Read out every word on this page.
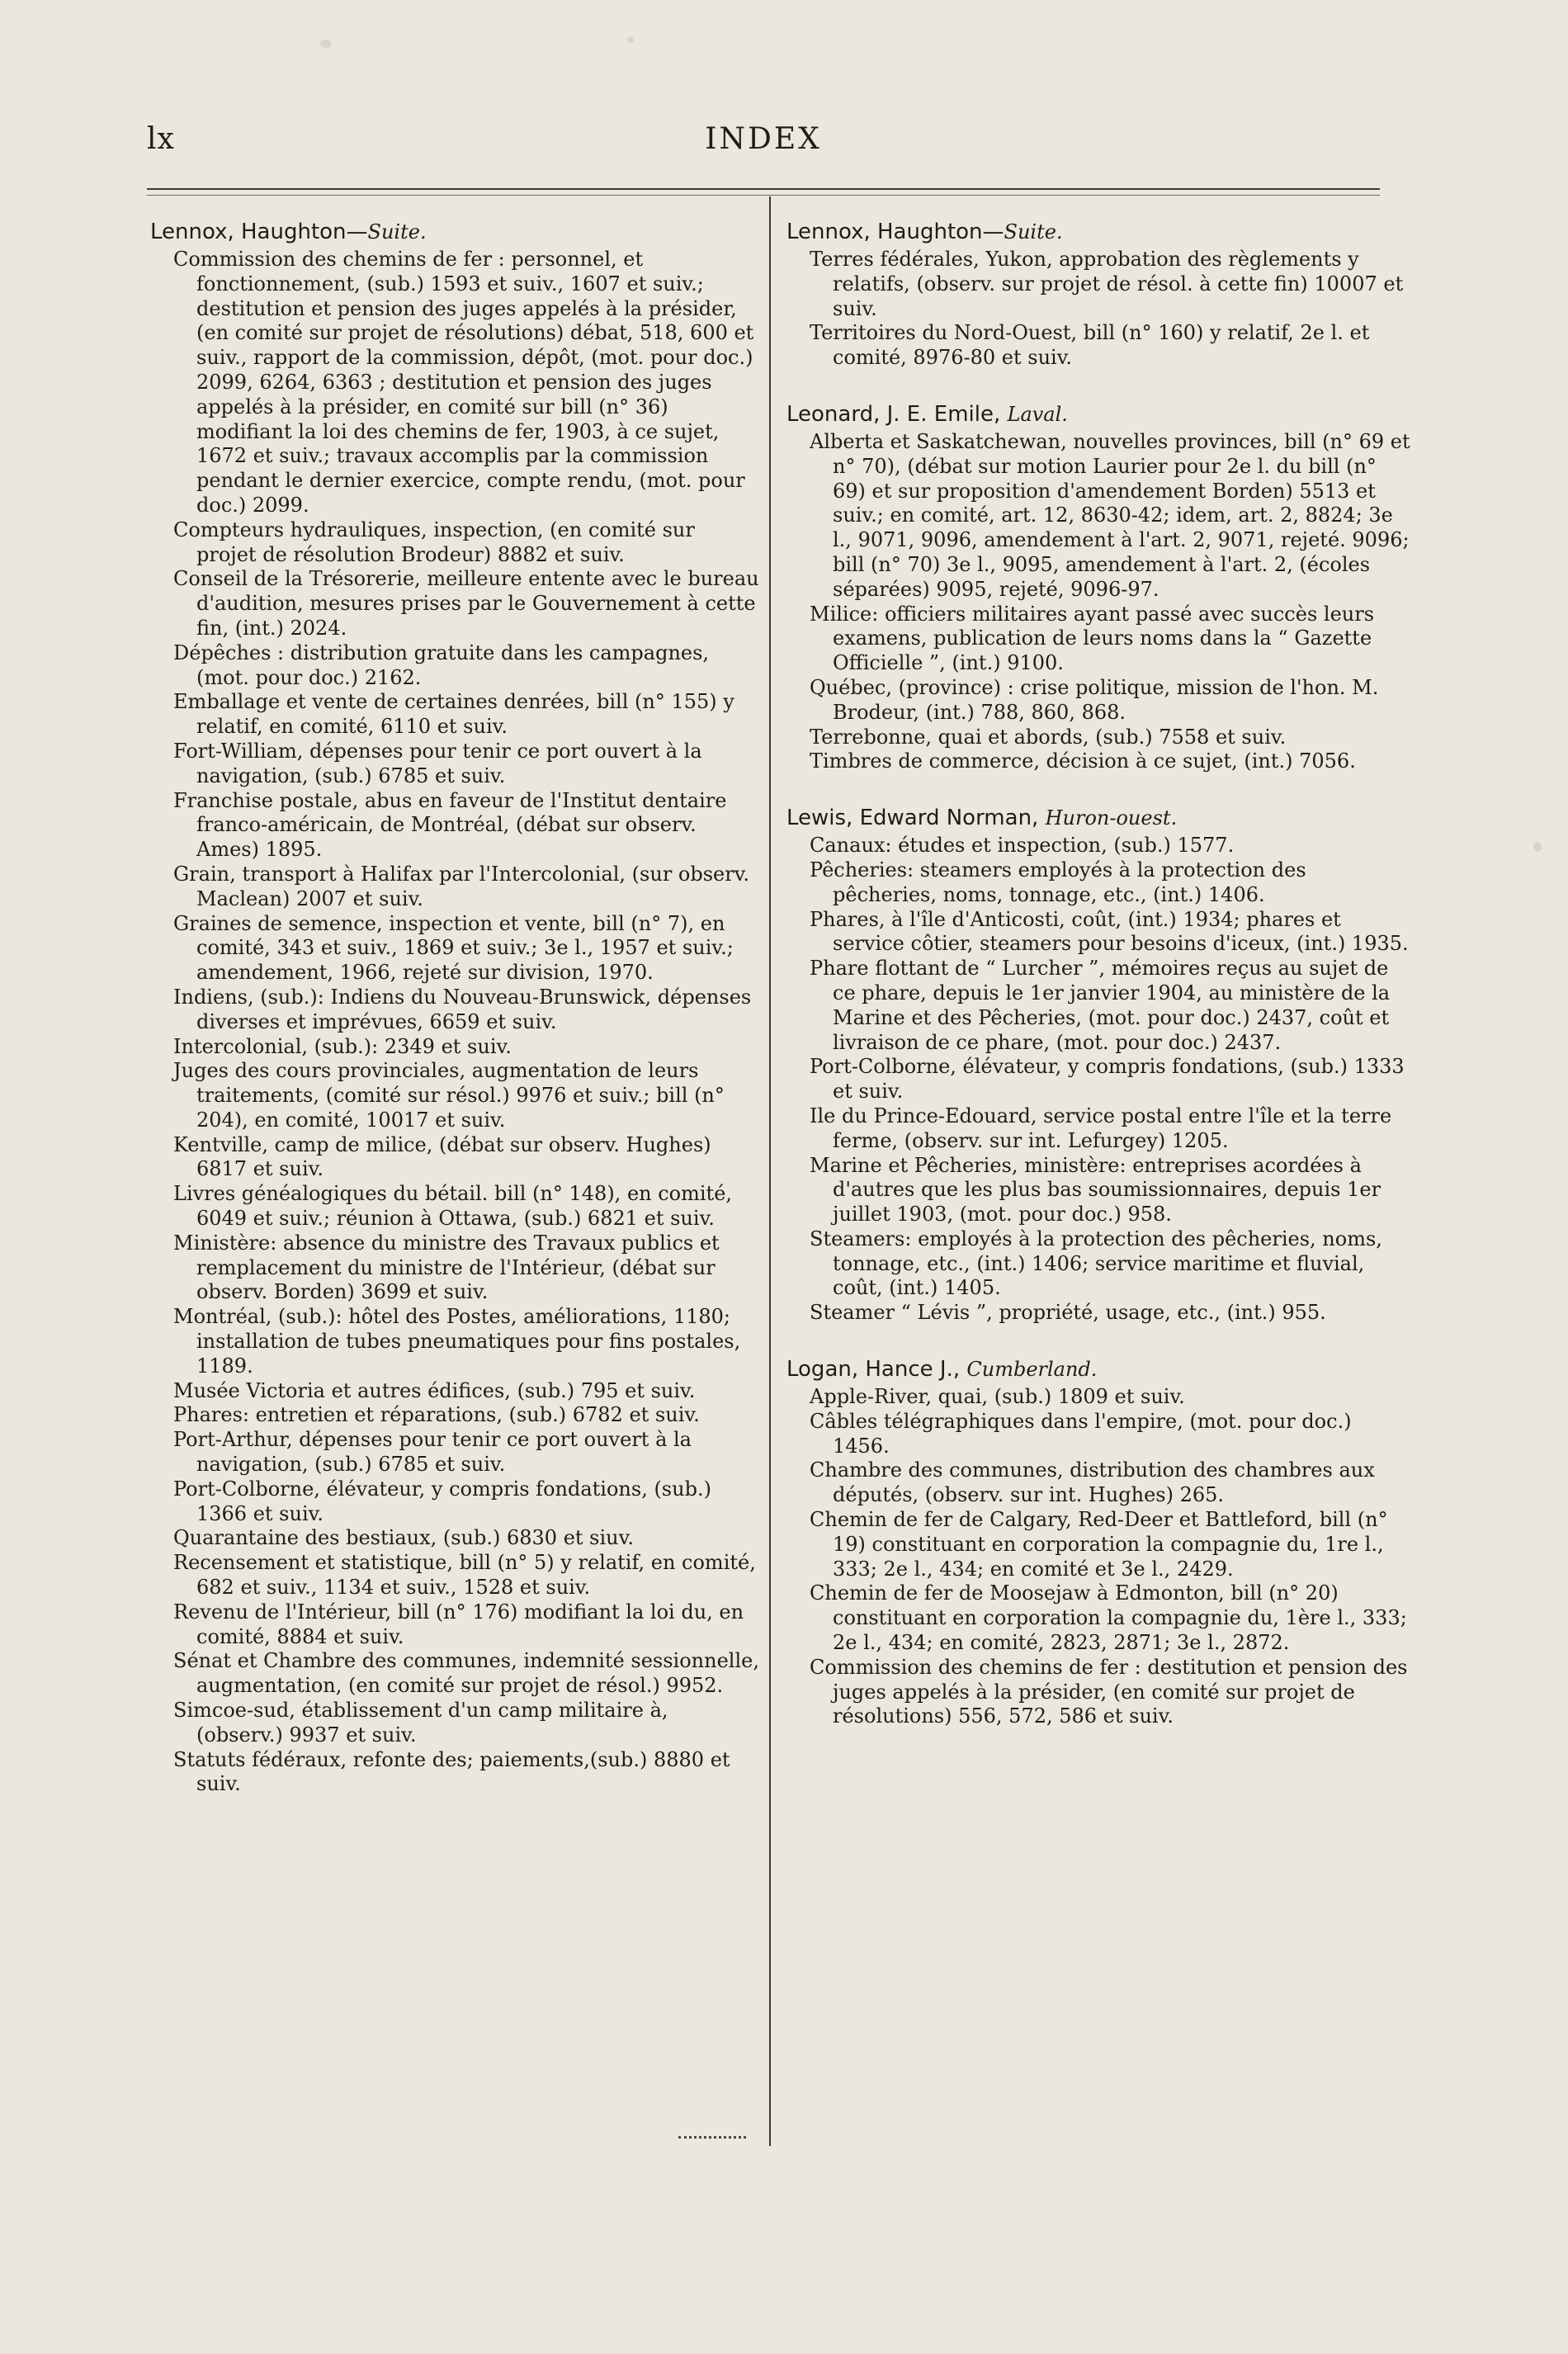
lx	INDEX
Lennox, Haughton—Suite.

Commission des chemins de fer : personnel, et fonctionnement, (sub.) 1593 et suiv., 1607 et suiv.; destitution et pension des juges appelés à la présider, (en comité sur projet de résolutions) débat, 518, 600 et suiv., rapport de la commission, dépôt, (mot. pour doc.) 2099, 6264, 6363 ; destitution et pension des juges appelés à la présider, en comité sur bill (n° 36) modifiant la loi des chemins de fer, 1903, à ce sujet, 1672 et suiv.; travaux accomplis par la commission pendant le dernier exercice, compte rendu, (mot. pour doc.) 2099.

Compteurs hydrauliques, inspection, (en comité sur projet de résolution Brodeur) 8882 et suiv.

Conseil de la Trésorerie, meilleure entente avec le bureau d'audition, mesures prises par le Gouvernement à cette fin, (int.) 2024.

Dépêches : distribution gratuite dans les campagnes, (mot. pour doc.) 2162.

Emballage et vente de certaines denrées, bill (n° 155) y relatif, en comité, 6110 et suiv.

Fort-William, dépenses pour tenir ce port ouvert à la navigation, (sub.) 6785 et suiv.

Franchise postale, abus en faveur de l'Institut dentaire franco-américain, de Montréal, (débat sur observ. Ames) 1895.

Grain, transport à Halifax par l'Intercolonial, (sur observ. Maclean) 2007 et suiv.

Graines de semence, inspection et vente, bill (n° 7), en comité, 343 et suiv., 1869 et suiv.; 3e l., 1957 et suiv.; amendement, 1966, rejeté sur division, 1970.

Indiens, (sub.): Indiens du Nouveau-Brunswick, dépenses diverses et imprévues, 6659 et suiv.

Intercolonial, (sub.): 2349 et suiv.

Juges des cours provinciales, augmentation de leurs traitements, (comité sur résol.) 9976 et suiv.; bill (n° 204), en comité, 10017 et suiv.

Kentville, camp de milice, (débat sur observ. Hughes) 6817 et suiv.

Livres généalogiques du bétail. bill (n° 148), en comité, 6049 et suiv.; réunion à Ottawa, (sub.) 6821 et suiv.

Ministère: absence du ministre des Travaux publics et remplacement du ministre de l'Intérieur, (débat sur observ. Borden) 3699 et suiv.

Montréal, (sub.): hôtel des Postes, améliorations, 1180; installation de tubes pneumatiques pour fins postales, 1189.

Musée Victoria et autres édifices, (sub.) 795 et suiv.

Phares: entretien et réparations, (sub.) 6782 et suiv.

Port-Arthur, dépenses pour tenir ce port ouvert à la navigation, (sub.) 6785 et suiv.

Port-Colborne, élévateur, y compris fondations, (sub.) 1366 et suiv.

Quarantaine des bestiaux, (sub.) 6830 et siuv.

Recensement et statistique, bill (n° 5) y relatif, en comité, 682 et suiv., 1134 et suiv., 1528 et suiv.

Revenu de l'Intérieur, bill (n° 176) modifiant la loi du, en comité, 8884 et suiv.

Sénat et Chambre des communes, indemnité sessionnelle, augmentation, (en comité sur projet de résol.) 9952.

Simcoe-sud, établissement d'un camp militaire à, (observ.) 9937 et suiv.

Statuts fédéraux, refonte des; paiements,(sub.) 8880 et suiv.

Lennox, Haughton—Suite.

Terres fédérales, Yukon, approbation des règlements y relatifs, (observ. sur projet de résol. à cette fin) 10007 et suiv.

Territoires du Nord-Ouest, bill (n° 160) y relatif, 2e l. et comité, 8976-80 et suiv.

Leonard, J. E. Emile, Laval.

Alberta et Saskatchewan, nouvelles provinces, bill (n° 69 et n° 70), (débat sur motion Laurier pour 2e l. du bill (n° 69) et sur proposition d'amendement Borden) 5513 et suiv.; en comité, art. 12, 8630-42; idem, art. 2, 8824; 3e l., 9071, 9096, amendement à l'art. 2, 9071, rejeté. 9096; bill (n° 70) 3e l., 9095, amendement à l'art. 2, (écoles séparées) 9095, rejeté, 9096-97.

Milice: officiers militaires ayant passé avec succès leurs examens, publication de leurs noms dans la “ Gazette Officielle ”, (int.) 9100.

Québec, (province) : crise politique, mission de l'hon. M. Brodeur, (int.) 788, 860, 868.

Terrebonne, quai et abords, (sub.) 7558 et suiv.

Timbres de commerce, décision à ce sujet, (int.) 7056.

Lewis, Edward Norman, Huron-ouest.

Canaux: études et inspection, (sub.) 1577.

Pêcheries: steamers employés à la protection des pêcheries, noms, tonnage, etc., (int.) 1406.

Phares, à l'île d'Anticosti, coût, (int.) 1934; phares et service côtier, steamers pour besoins d'iceux, (int.) 1935.

Phare flottant de “ Lurcher ”, mémoires reçus au sujet de ce phare, depuis le 1er janvier 1904, au ministère de la Marine et des Pêcheries, (mot. pour doc.) 2437, coût et livraison de ce phare, (mot. pour doc.) 2437.

Port-Colborne, élévateur, y compris fondations, (sub.) 1333 et suiv.

Ile du Prince-Edouard, service postal entre l'île et la terre ferme, (observ. sur int. Lefurgey) 1205.

Marine et Pêcheries, ministère: entreprises acordées à d'autres que les plus bas soumissionnaires, depuis 1er juillet 1903, (mot. pour doc.) 958.

Steamers: employés à la protection des pêcheries, noms, tonnage, etc., (int.) 1406; service maritime et fluvial, coût, (int.) 1405.

Steamer “ Lévis ”, propriété, usage, etc., (int.) 955.

Logan, Hance J., Cumberland.

Apple-River, quai, (sub.) 1809 et suiv.

Câbles télégraphiques dans l'empire, (mot. pour doc.) 1456.

Chambre des communes, distribution des chambres aux députés, (observ. sur int. Hughes) 265.

Chemin de fer de Calgary, Red-Deer et Battleford, bill (n° 19) constituant en corporation la compagnie du, 1re l., 333; 2e l., 434; en comité et 3e l., 2429.

Chemin de fer de Moosejaw à Edmonton, bill (n° 20) constituant en corporation la compagnie du, 1ère l., 333; 2e l., 434; en comité, 2823, 2871; 3e l., 2872.

Commission des chemins de fer : destitution et pension des juges appelés à la présider, (en comité sur projet de résolutions) 556, 572, 586 et suiv.
